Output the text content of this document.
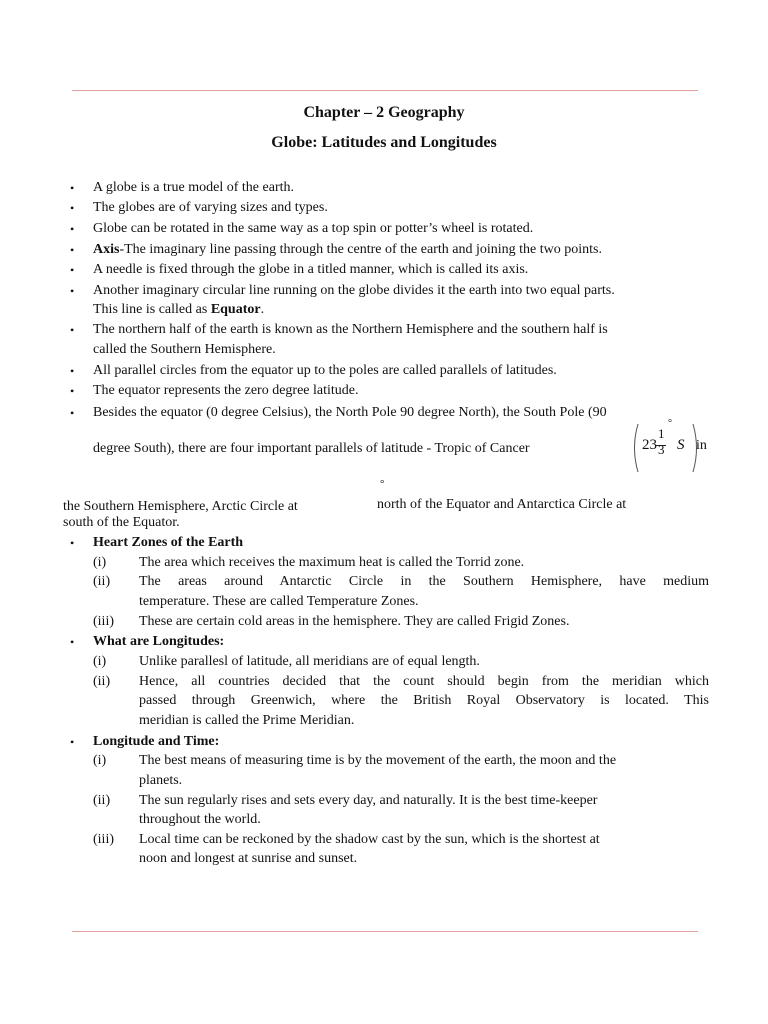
Chapter – 2 Geography
Globe: Latitudes and Longitudes
• A globe is a true model of the earth.
• The globes are of varying sizes and types.
• Globe can be rotated in the same way as a top spin or potter’s wheel is rotated.
• Axis-The imaginary line passing through the centre of the earth and joining the two points.
• A needle is fixed through the globe in a titled manner, which is called its axis.
• Another imaginary circular line running on the globe divides it the earth into two equal parts.
This line is called as Equator.
• The northern half of the earth is known as the Northern Hemisphere and the southern half is
called the Southern Hemisphere.
• All parallel circles from the equator up to the poles are called parallels of latitudes.
• The equator represents the zero degree latitude.
• Besides the equator (0 degree Celsius), the North Pole 90 degree North), the South Pole (90
degree South), there are four important parallels of latitude - Tropic of Cancer
°
23
1
3 S in
°
the Southern Hemisphere, Arctic Circle at	north of the Equator and Antarctica Circle at
south of the Equator.
• Heart Zones of the Earth
(i) The area which receives the maximum heat is called the Torrid zone.
(ii) The areas around Antarctic Circle in the Southern Hemisphere, have medium
temperature. These are called Temperature Zones.
(iii) These are certain cold areas in the hemisphere. They are called Frigid Zones.
• What are Longitudes:
(i) Unlike parallesl of latitude, all meridians are of equal length.
(ii) Hence, all countries decided that the count should begin from the meridian which
passed through Greenwich, where the British Royal Observatory is located. This
meridian is called the Prime Meridian.
• Longitude and Time:
(i) The best means of measuring time is by the movement of the earth, the moon and the
planets.
(ii) The sun regularly rises and sets every day, and naturally. It is the best time-keeper
throughout the world.
(iii) Local time can be reckoned by the shadow cast by the sun, which is the shortest at
noon and longest at sunrise and sunset.
